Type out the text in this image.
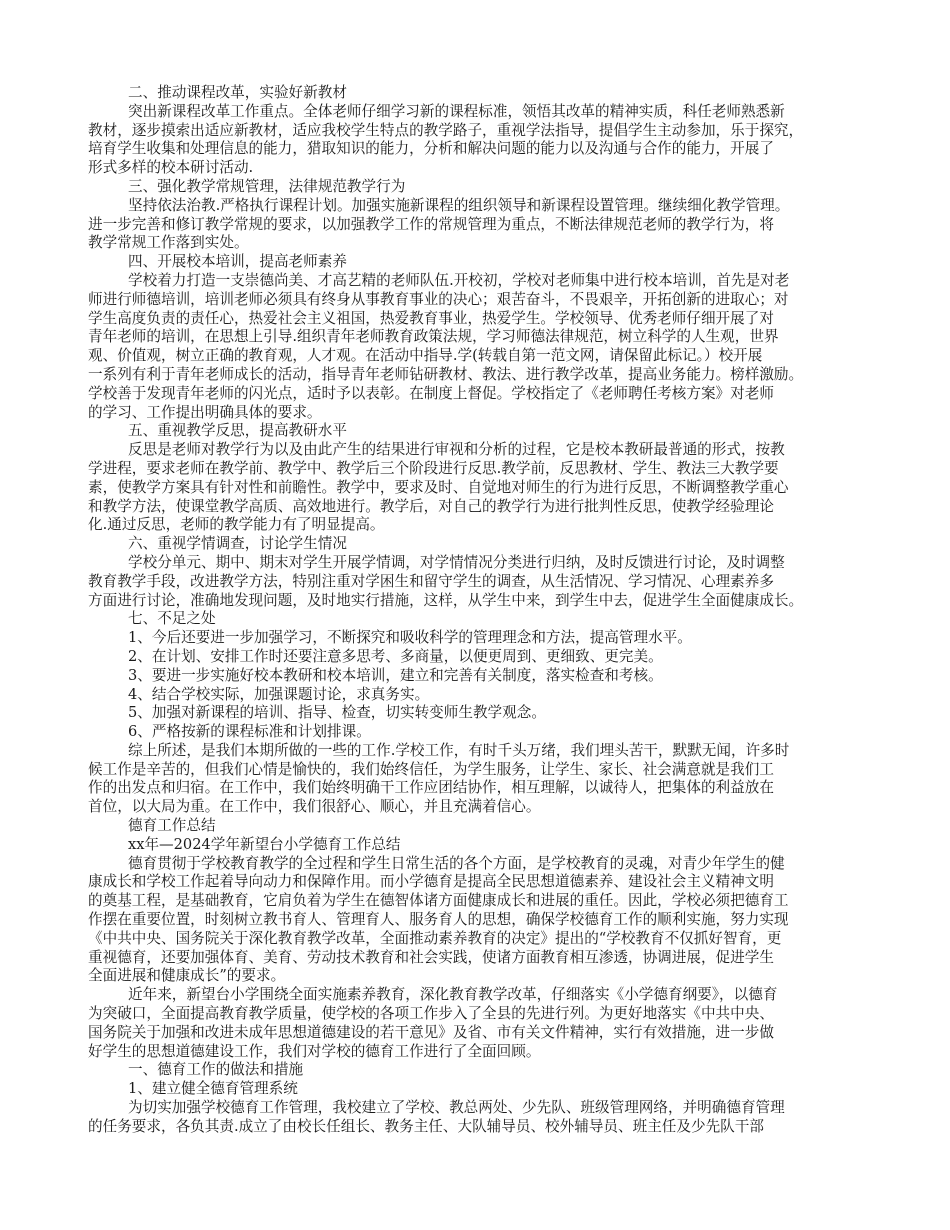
二、推动课程改革，实验好新教材
突出新课程改革工作重点。全体老师仔细学习新的课程标准，领悟其改革的精神实质，科任老师熟悉新
教材，逐步摸索出适应新教材，适应我校学生特点的教学路子，重视学法指导，提倡学生主动参加，乐于探究，
培育学生收集和处理信息的能力，猎取知识的能力，分析和解决问题的能力以及沟通与合作的能力，开展了
形式多样的校本研讨活动.
三、强化教学常规管理，法律规范教学行为
坚持依法治教.严格执行课程计划。加强实施新课程的组织领导和新课程设置管理。继续细化教学管理。
进一步完善和修订教学常规的要求，以加强教学工作的常规管理为重点，不断法律规范老师的教学行为，将
教学常规工作落到实处。
四、开展校本培训，提高老师素养
学校着力打造一支崇德尚美、才高艺精的老师队伍.开校初，学校对老师集中进行校本培训，首先是对老
师进行师德培训，培训老师必须具有终身从事教育事业的决心；艰苦奋斗，不畏艰辛，开拓创新的进取心；对
学生高度负责的责任心，热爱社会主义祖国，热爱教育事业，热爱学生。学校领导、优秀老师仔细开展了对
青年老师的培训，在思想上引导.组织青年老师教育政策法规，学习师德法律规范，树立科学的人生观，世界
观、价值观，树立正确的教育观，人才观。在活动中指导.学(转载自第一范文网，请保留此标记。）校开展
一系列有利于青年老师成长的活动，指导青年老师钻研教材、教法、进行教学改革，提高业务能力。榜样激励。
学校善于发现青年老师的闪光点，适时予以表彰。在制度上督促。学校指定了《老师聘任考核方案》对老师
的学习、工作提出明确具体的要求。
五、重视教学反思，提高教研水平
反思是老师对教学行为以及由此产生的结果进行审视和分析的过程，它是校本教研最普通的形式，按教
学进程，要求老师在教学前、教学中、教学后三个阶段进行反思.教学前，反思教材、学生、教法三大教学要
素，使教学方案具有针对性和前瞻性。教学中，要求及时、自觉地对师生的行为进行反思，不断调整教学重心
和教学方法，使课堂教学高质、高效地进行。教学后，对自己的教学行为进行批判性反思，使教学经验理论
化.通过反思，老师的教学能力有了明显提高。
六、重视学情调查，讨论学生情况
学校分单元、期中、期末对学生开展学情调，对学情情况分类进行归纳，及时反馈进行讨论，及时调整
教育教学手段，改进教学方法，特别注重对学困生和留守学生的调查，从生活情况、学习情况、心理素养多
方面进行讨论，准确地发现问题，及时地实行措施，这样，从学生中来，到学生中去，促进学生全面健康成长。
七、不足之处
1、今后还要进一步加强学习，不断探究和吸收科学的管理理念和方法，提高管理水平。
2、在计划、安排工作时还要注意多思考、多商量，以便更周到、更细致、更完美。
3、要进一步实施好校本教研和校本培训，建立和完善有关制度，落实检查和考核。
4、结合学校实际，加强课题讨论，求真务实。
5、加强对新课程的培训、指导、检查，切实转变师生教学观念。
6、严格按新的课程标准和计划排课。
综上所述，是我们本期所做的一些的工作.学校工作，有时千头万绪，我们埋头苦干，默默无闻，许多时
候工作是辛苦的，但我们心情是愉快的，我们始终信任，为学生服务，让学生、家长、社会满意就是我们工
作的出发点和归宿。在工作中，我们始终明确干工作应团结协作，相互理解，以诚待人，把集体的利益放在
首位，以大局为重。在工作中，我们很舒心、顺心，并且充满着信心。
德育工作总结
xx年—2024学年新望台小学德育工作总结
德育贯彻于学校教育教学的全过程和学生日常生活的各个方面，是学校教育的灵魂，对青少年学生的健
康成长和学校工作起着导向动力和保障作用。而小学德育是提高全民思想道德素养、建设社会主义精神文明
的奠基工程，是基础教育，它肩负着为学生在德智体诸方面健康成长和进展的重任。因此，学校必须把德育工
作摆在重要位置，时刻树立教书育人、管理育人、服务育人的思想，确保学校德育工作的顺利实施，努力实现
《中共中央、国务院关于深化教育教学改革，全面推动素养教育的决定》提出的“学校教育不仅抓好智育，更
重视德育，还要加强体育、美育、劳动技术教育和社会实践，使诸方面教育相互渗透，协调进展，促进学生
全面进展和健康成长”的要求。
近年来，新望台小学围绕全面实施素养教育，深化教育教学改革，仔细落实《小学德育纲要》，以德育
为突破口，全面提高教育教学质量，使学校的各项工作步入了全县的先进行列。为更好地落实《中共中央、
国务院关于加强和改进未成年思想道德建设的若干意见》及省、市有关文件精神，实行有效措施，进一步做
好学生的思想道德建设工作，我们对学校的德育工作进行了全面回顾。
一、德育工作的做法和措施
1、建立健全德育管理系统
为切实加强学校德育工作管理，我校建立了学校、教总两处、少先队、班级管理网络，并明确德育管理
的任务要求，各负其责.成立了由校长任组长、教务主任、大队辅导员、校外辅导员、班主任及少先队干部
